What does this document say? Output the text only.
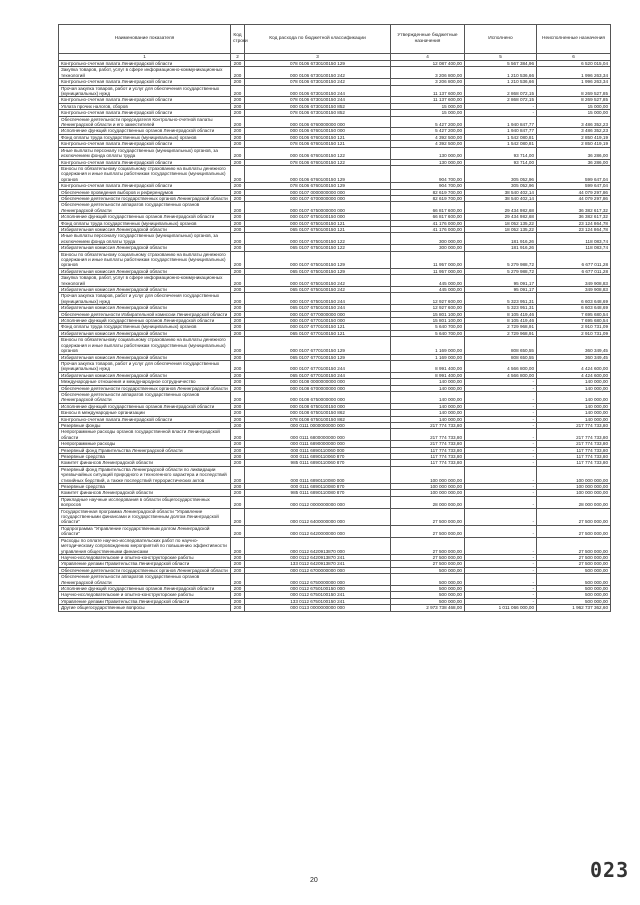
Наименование показателя	Код строки	Код расхода по бюджетной классификации	Утвержденные бюджетные назначения	Исполнено	Неисполненные назначения
1	2	3	4	5	6
Контрольно-счетная палата Ленинградской области	200	078 0106 6730100150 129	12 087 400,00	5 567 384,96	6 520 015,04
Закупка товаров, работ, услуг в сфере информационно-коммуникационных технологий	200	000 0106 6730100150 242	3 206 800,00	1 210 536,66	1 996 263,34
Контрольно-счетная палата Ленинградской области	200	078 0106 6730100150 242	3 206 800,00	1 210 536,66	1 996 263,34
Прочая закупка товаров, работ и услуг для обеспечения государственных (муниципальных) нужд	200	000 0106 6730100150 244	11 137 600,00	2 868 072,15	8 269 527,85
Контрольно-счетная палата Ленинградской области	200	078 0106 6730100150 244	11 137 600,00	2 868 072,15	8 269 527,85
Уплата прочих налогов, сборов	200	000 0106 6730100150 852	15 000,00	-	15 000,00
Контрольно-счетная палата Ленинградской области	200	078 0106 6730100150 852	15 000,00	-	15 000,00
Обеспечение деятельности председателя Контрольно-счетной палаты Ленинградской области и его заместителей	200	000 0106 6760000000 000	5 427 200,00	1 940 847,77	3 486 352,23
Исполнение функций государственных органов Ленинградской области	200	000 0106 6760100150 000	5 427 200,00	1 940 847,77	3 486 352,23
Фонд оплаты труда государственных (муниципальных) органов	200	000 0106 6760100150 121	4 392 500,00	1 542 080,81	2 850 419,19
Контрольно-счетная палата Ленинградской области	200	078 0106 6760100150 121	4 392 500,00	1 542 080,81	2 850 419,19
Иные выплаты персоналу государственных (муниципальных) органов, за исключением фонда оплаты труда	200	000 0106 6760100150 122	130 000,00	93 714,00	36 286,00
Контрольно-счетная палата Ленинградской области	200	078 0106 6760100150 122	130 000,00	93 714,00	36 286,00
Взносы по обязательному социальному страхованию на выплаты денежного содержания и иные выплаты работникам государственных (муниципальных) органов	200	000 0106 6760100150 129	904 700,00	305 052,96	599 647,04
Контрольно-счетная палата Ленинградской области	200	078 0106 6760100150 129	904 700,00	305 052,96	599 647,04
Обеспечение проведения выборов и референдумов	200	000 0107 0000000000 000	82 619 700,00	38 540 402,14	44 079 297,86
Обеспечение деятельности государственных органов Ленинградской области	200	000 0107 6700000000 000	82 619 700,00	38 540 402,14	44 079 297,86
Обеспечение деятельности аппаратов государственных органов Ленинградской области	200	000 0107 6750000000 000	66 817 600,00	29 434 982,68	36 382 617,32
Исполнение функций государственных органов Ленинградской области	200	000 0107 6750100150 000	66 817 600,00	29 434 982,68	36 382 617,32
Фонд оплаты труда государственных (муниципальных) органов	200	000 0107 6750100150 121	41 176 000,00	18 052 135,22	23 124 864,78
Избирательная комиссия Ленинградской области	200	065 0107 6750100150 121	41 176 000,00	18 052 135,22	23 124 864,78
Иные выплаты персоналу государственных (муниципальных) органов, за исключением фонда оплаты труда	200	000 0107 6750100150 122	300 000,00	181 916,26	118 083,74
Избирательная комиссия Ленинградской области	200	065 0107 6750100150 122	300 000,00	181 916,26	118 083,74
Взносы по обязательному социальному страхованию на выплаты денежного содержания и иные выплаты работникам государственных (муниципальных) органов	200	000 0107 6750100150 129	11 957 000,00	5 279 988,72	6 677 011,28
Избирательная комиссия Ленинградской области	200	065 0107 6750100150 129	11 957 000,00	5 279 988,72	6 677 011,28
Закупка товаров, работ, услуг в сфере информационно-коммуникационных технологий	200	000 0107 6750100150 242	445 000,00	95 091,17	349 908,83
Избирательная комиссия Ленинградской области	200	065 0107 6750100150 242	445 000,00	95 091,17	349 908,83
Прочая закупка товаров, работ и услуг для обеспечения государственных (муниципальных) нужд	200	000 0107 6750100150 244	12 927 600,00	5 323 951,31	6 603 648,69
Избирательная комиссия Ленинградской области	200	065 0107 6750100150 244	12 927 600,00	5 323 951,31	6 603 648,69
Обеспечение деятельности Избирательной комиссии Ленинградской области	200	000 0107 6770000000 000	15 801 100,00	8 105 419,46	7 695 680,54
Исполнение функций государственных органов Ленинградской области	200	000 0107 6770100150 000	15 801 100,00	8 105 419,46	7 695 680,54
Фонд оплаты труда государственных (муниципальных) органов	200	000 0107 6770100150 121	5 640 700,00	2 729 968,91	2 910 731,09
Избирательная комиссия Ленинградской области	200	065 0107 6770100150 121	5 640 700,00	2 729 968,91	2 910 731,09
Взносы по обязательному социальному страхованию на выплаты денежного содержания и иные выплаты работникам государственных (муниципальных) органов	200	000 0107 6770100150 129	1 169 000,00	808 650,55	360 349,45
Избирательная комиссия Ленинградской области	200	065 0107 6770100150 129	1 169 000,00	808 650,55	360 349,45
Прочая закупка товаров, работ и услуг для обеспечения государственных (муниципальных) нужд	200	000 0107 6770100150 244	8 991 400,00	4 566 800,00	4 424 600,00
Избирательная комиссия Ленинградской области	200	065 0107 6770100150 244	8 991 400,00	4 566 800,00	4 424 600,00
Международные отношения и международное сотрудничество	200	000 0108 0000000000 000	140 000,00	-	140 000,00
Обеспечение деятельности государственных органов Ленинградской области	200	000 0108 6700000000 000	140 000,00	-	140 000,00
Обеспечение деятельности аппаратов государственных органов Ленинградской области	200	000 0108 6750000000 000	140 000,00	-	140 000,00
Исполнение функций государственных органов Ленинградской области	200	000 0108 6750100150 000	140 000,00	-	140 000,00
Взносы в международные организации	200	000 0108 6750100150 862	140 000,00	-	140 000,00
Контрольно-счетная палата Ленинградской области	200	078 0108 6750100150 862	140 000,00	-	140 000,00
Резервные фонды	200	000 0111 0000000000 000	217 774 733,80	-	217 774 733,80
Непрограммные расходы органов государственной власти Ленинградской области	200	000 0111 6800000000 000	217 774 733,80	-	217 774 733,80
Непрограммные расходы	200	000 0111 6890000000 000	217 774 733,80	-	217 774 733,80
Резервный фонд Правительства Ленинградской области	200	000 0111 6890110060 000	117 774 733,80	-	117 774 733,80
Резервные средства	200	000 0111 6890110060 870	117 774 733,80	-	117 774 733,80
Комитет финансов Ленинградской области	200	985 0111 6890110060 870	117 774 733,80	-	117 774 733,80
Резервный фонд Правительства Ленинградской области по ликвидации чрезвычайных ситуаций природного и техногенного характера и последствий стихийных бедствий, а также последствий террористических актов	200	000 0111 6890110080 000	100 000 000,00	-	100 000 000,00
Резервные средства	200	000 0111 6890110080 870	100 000 000,00	-	100 000 000,00
Комитет финансов Ленинградской области	200	985 0111 6890110080 870	100 000 000,00	-	100 000 000,00
Прикладные научные исследования в области общегосударственных вопросов	200	000 0112 0000000000 000	28 000 000,00	-	28 000 000,00
Государственная программа Ленинградской области "Управление государственными финансами и государственным долгом Ленинградской области"	200	000 0112 6400000000 000	27 500 000,00	-	27 500 000,00
Подпрограмма "Управление государственным долгом Ленинградской области"	200	000 0112 6420000000 000	27 500 000,00	-	27 500 000,00
Расходы по оплате научно-исследовательских работ по научно-методическому сопровождению мероприятий по повышению эффективности управления общественными финансами	200	000 0112 6420913870 000	27 500 000,00	-	27 500 000,00
Научно-исследовательские и опытно-конструкторские работы	200	000 0112 6420913870 241	27 500 000,00	-	27 500 000,00
Управление делами Правительства Ленинградской области	200	133 0112 6420913870 241	27 500 000,00	-	27 500 000,00
Обеспечение деятельности государственных органов Ленинградской области	200	000 0112 6700000000 000	500 000,00	-	500 000,00
Обеспечение деятельности аппаратов государственных органов Ленинградской области	200	000 0112 6750000000 000	500 000,00	-	500 000,00
Исполнение функций государственных органов Ленинградской области	200	000 0112 6750100150 000	500 000,00	-	500 000,00
Научно-исследовательские и опытно-конструкторские работы	200	000 0112 6750100150 241	500 000,00	-	500 000,00
Управление делами Правительства Ленинградской области	200	133 0112 6750100150 241	500 000,00	-	500 000,00
Другие общегосударственные вопросы	200	000 0113 0000000000 000	2 973 738 468,00	1 011 066 000,00	1 962 737 362,60
20	023
